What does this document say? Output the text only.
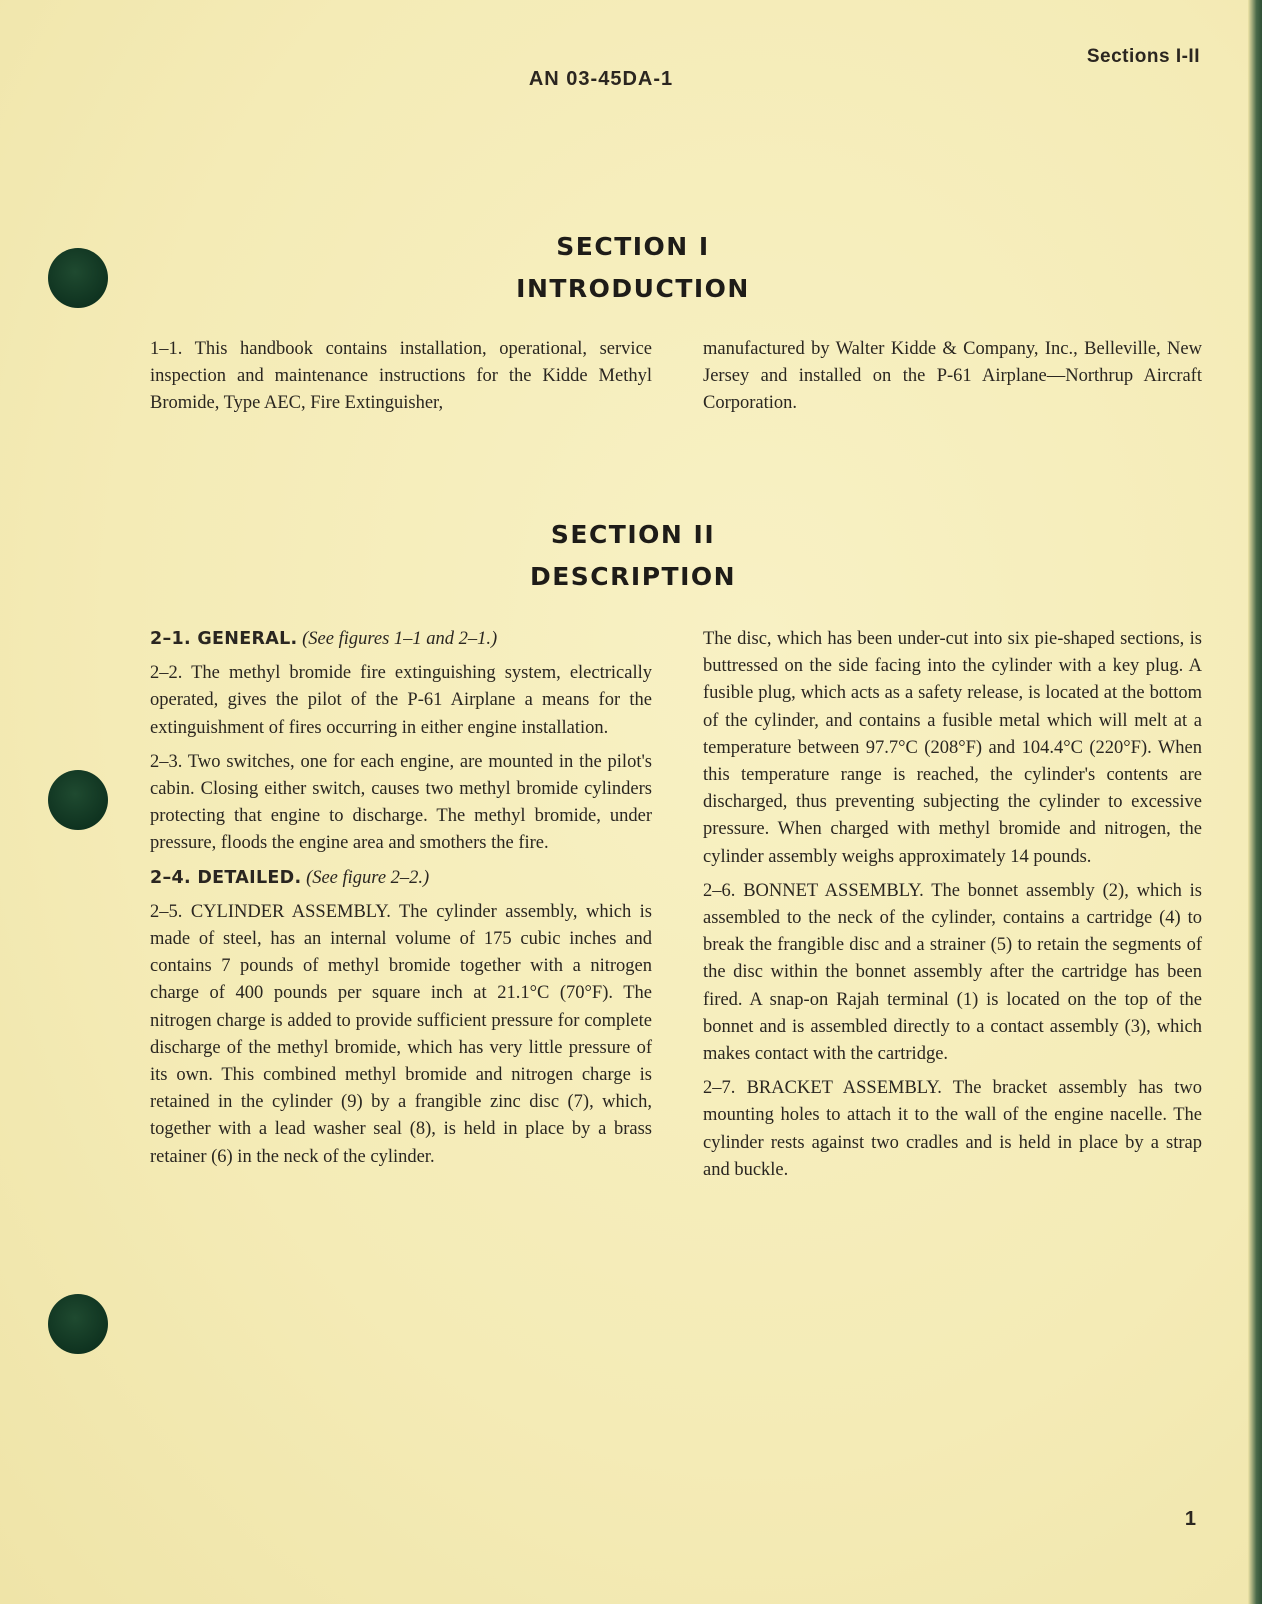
Sections I-II
AN 03-45DA-1
SECTION I
INTRODUCTION

1–1. This handbook contains installation, operational, service inspection and maintenance instructions for the Kidde Methyl Bromide, Type AEC, Fire Extinguisher,

manufactured by Walter Kidde & Company, Inc., Belleville, New Jersey and installed on the P-61 Airplane—Northrup Aircraft Corporation.

SECTION II
DESCRIPTION

2–1. GENERAL. (See figures 1–1 and 2–1.)

2–2. The methyl bromide fire extinguishing system, electrically operated, gives the pilot of the P-61 Airplane a means for the extinguishment of fires occurring in either engine installation.

2–3. Two switches, one for each engine, are mounted in the pilot's cabin. Closing either switch, causes two methyl bromide cylinders protecting that engine to discharge. The methyl bromide, under pressure, floods the engine area and smothers the fire.

2–4. DETAILED. (See figure 2–2.)

2–5. CYLINDER ASSEMBLY. The cylinder assembly, which is made of steel, has an internal volume of 175 cubic inches and contains 7 pounds of methyl bromide together with a nitrogen charge of 400 pounds per square inch at 21.1°C (70°F). The nitrogen charge is added to provide sufficient pressure for complete discharge of the methyl bromide, which has very little pressure of its own. This combined methyl bromide and nitrogen charge is retained in the cylinder (9) by a frangible zinc disc (7), which, together with a lead washer seal (8), is held in place by a brass retainer (6) in the neck of the cylinder.

The disc, which has been under-cut into six pie-shaped sections, is buttressed on the side facing into the cylinder with a key plug. A fusible plug, which acts as a safety release, is located at the bottom of the cylinder, and contains a fusible metal which will melt at a temperature between 97.7°C (208°F) and 104.4°C (220°F). When this temperature range is reached, the cylinder's contents are discharged, thus preventing subjecting the cylinder to excessive pressure. When charged with methyl bromide and nitrogen, the cylinder assembly weighs approximately 14 pounds.

2–6. BONNET ASSEMBLY. The bonnet assembly (2), which is assembled to the neck of the cylinder, contains a cartridge (4) to break the frangible disc and a strainer (5) to retain the segments of the disc within the bonnet assembly after the cartridge has been fired. A snap-on Rajah terminal (1) is located on the top of the bonnet and is assembled directly to a contact assembly (3), which makes contact with the cartridge.

2–7. BRACKET ASSEMBLY. The bracket assembly has two mounting holes to attach it to the wall of the engine nacelle. The cylinder rests against two cradles and is held in place by a strap and buckle.

1
